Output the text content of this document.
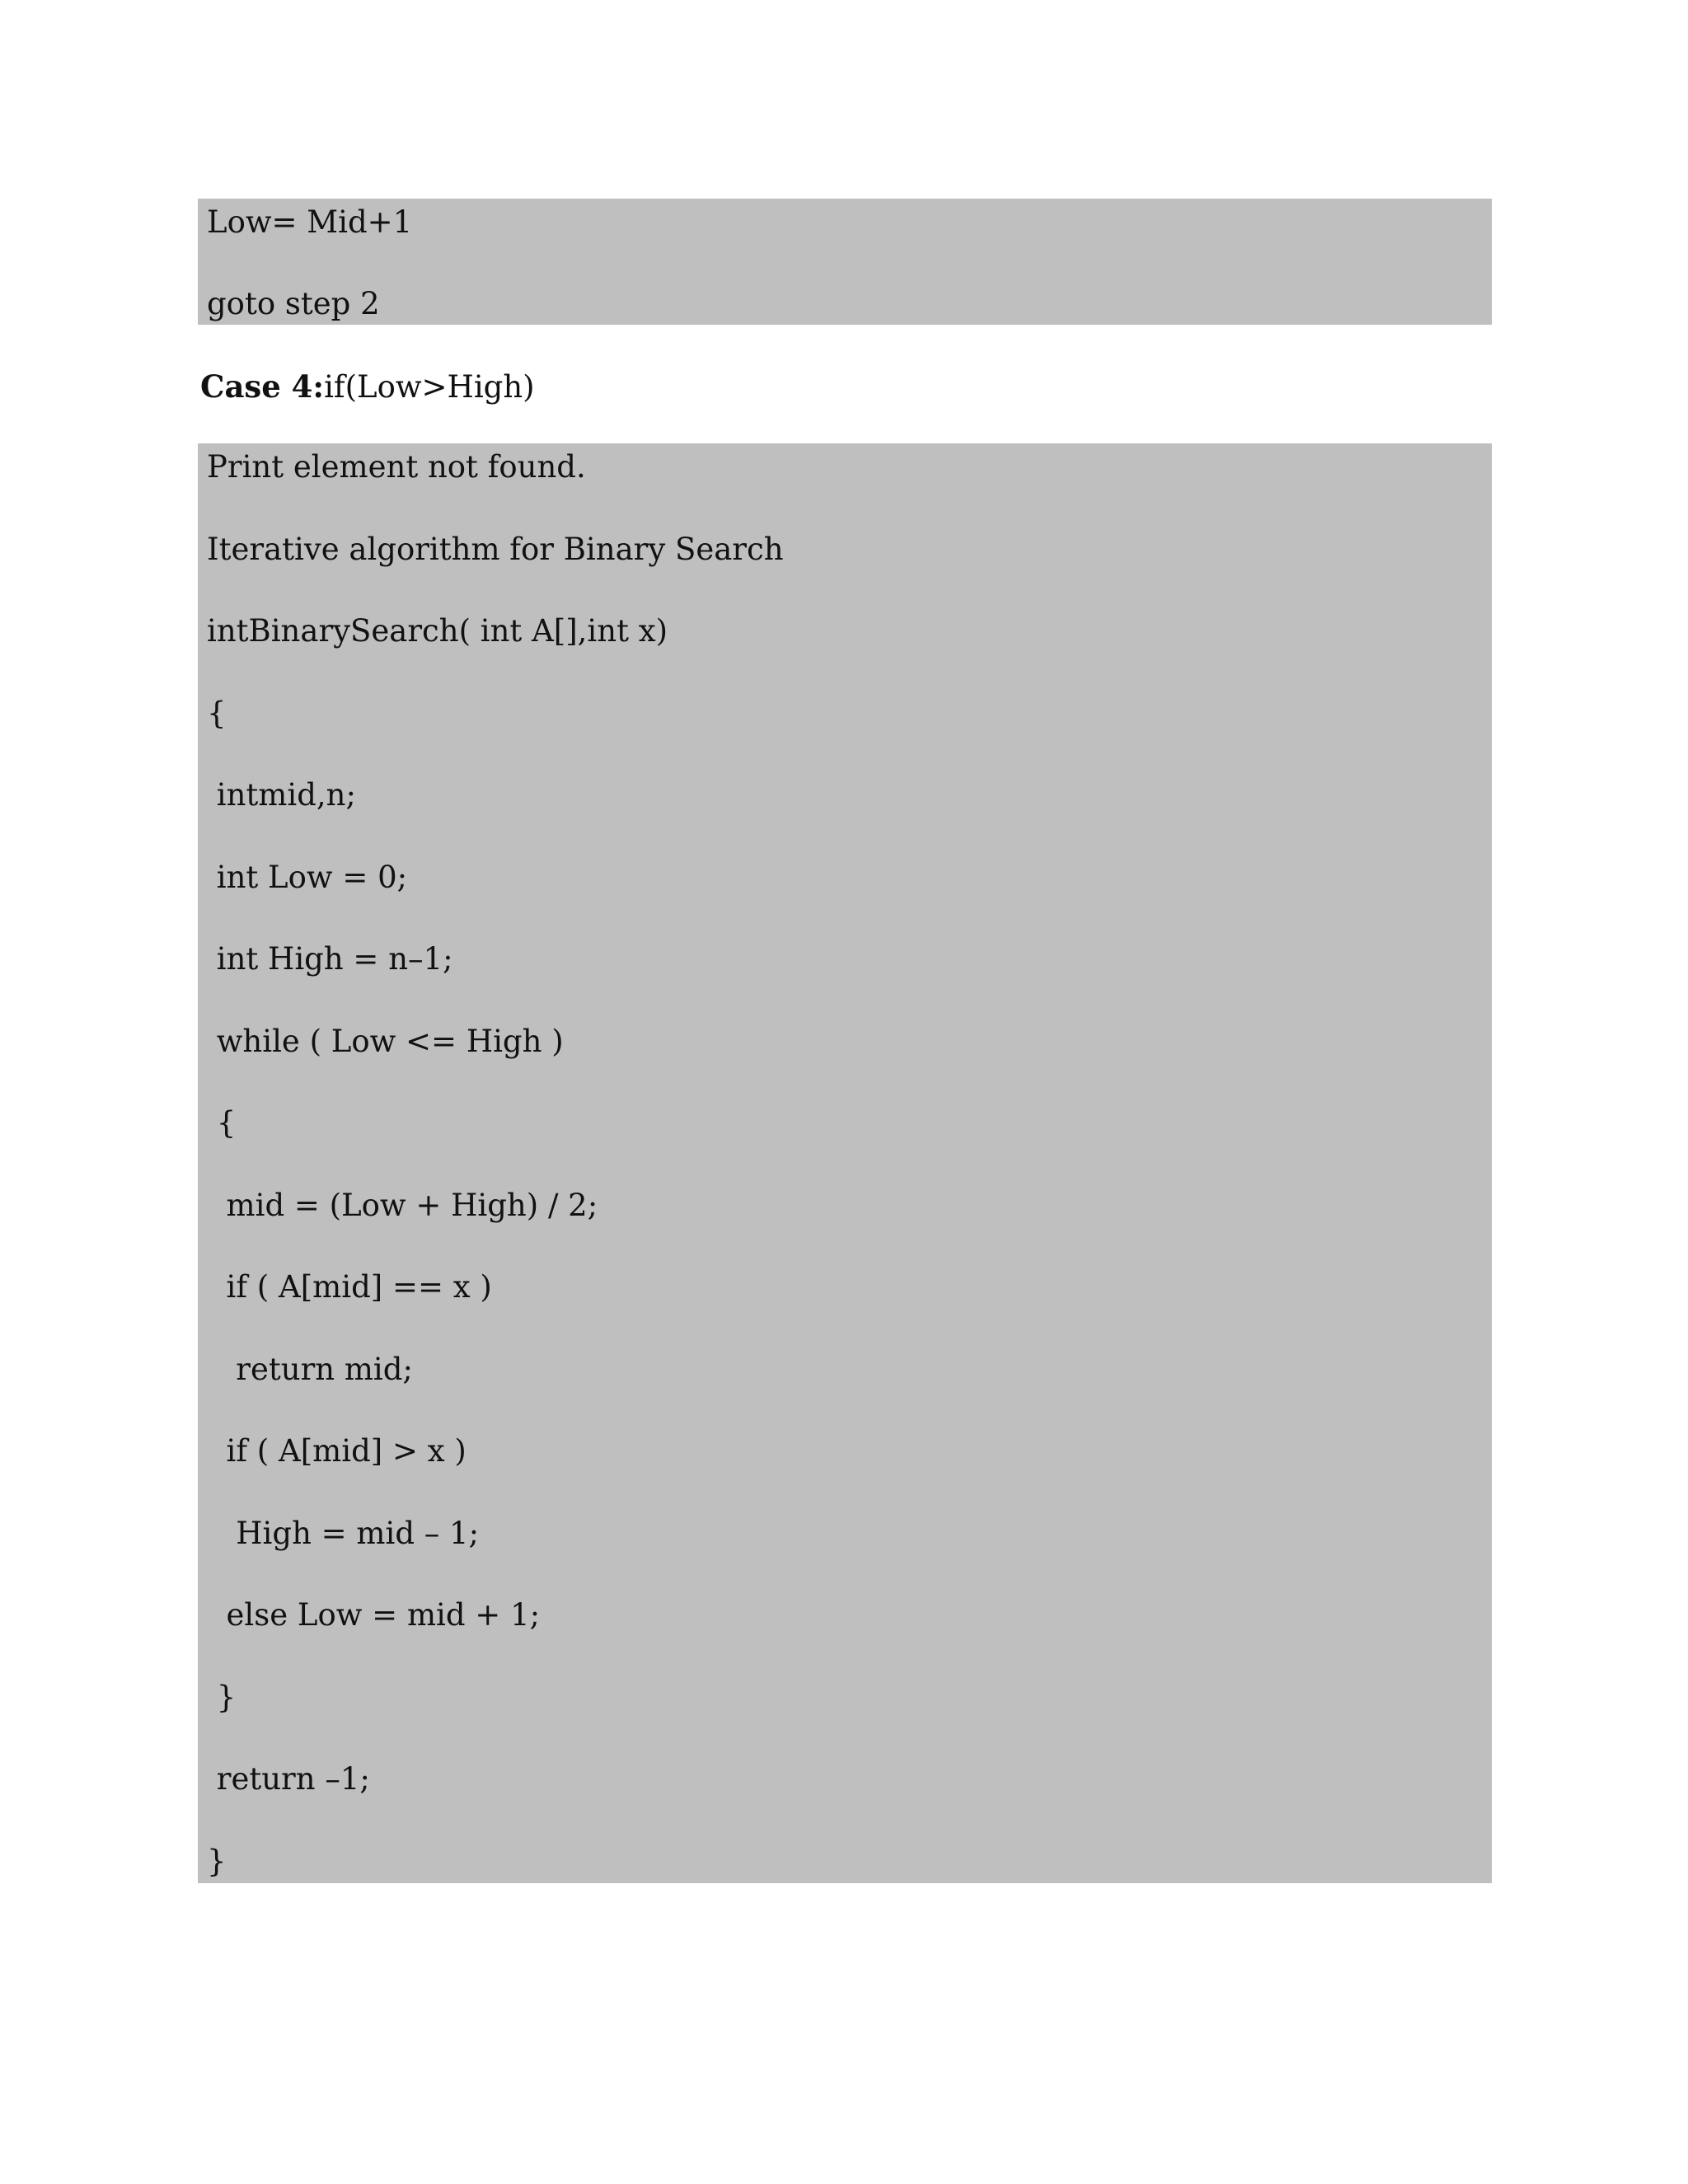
Low= Mid+1
goto step 2
Case 4:if(Low>High)
Print element not found.
Iterative algorithm for Binary Search
intBinarySearch( int A[],int x)
{
intmid,n;
int Low = 0;
int High = n–1;
while ( Low <= High )
{
mid = (Low + High) / 2;
if ( A[mid] == x )
return mid;
if ( A[mid] > x )
High = mid – 1;
else Low = mid + 1;
}
return –1;
}
